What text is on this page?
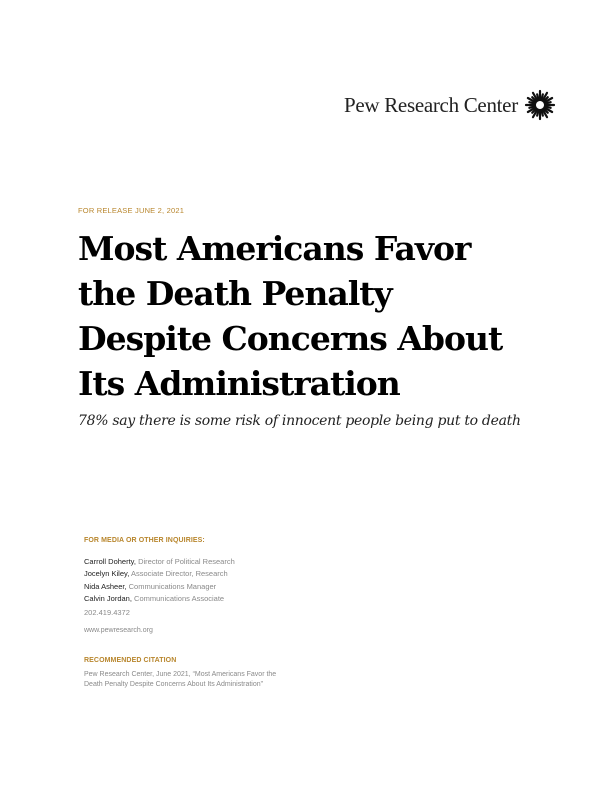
Pew Research Center
FOR RELEASE JUNE 2, 2021
Most Americans Favor
the Death Penalty
Despite Concerns About
Its Administration
78% say there is some risk of innocent people being put to death
FOR MEDIA OR OTHER INQUIRIES:
Carroll Doherty, Director of Political Research
Jocelyn Kiley, Associate Director, Research
Nida Asheer, Communications Manager
Calvin Jordan, Communications Associate
202.419.4372
www.pewresearch.org
RECOMMENDED CITATION
Pew Research Center, June 2021, “Most Americans Favor the Death Penalty Despite Concerns About Its Administration”
